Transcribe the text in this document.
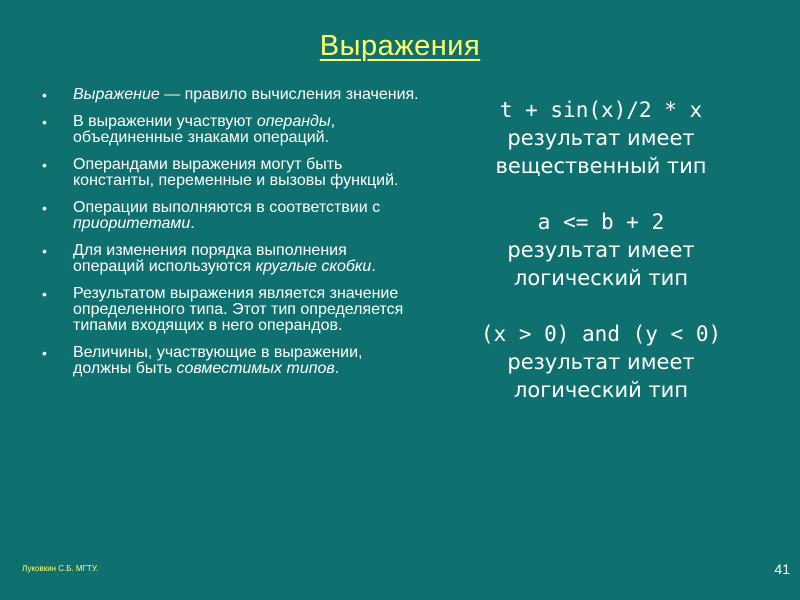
Выражения
• Выражение — правило вычисления значения.
• В выражении участвуют операнды, объединенные знаками операций.
• Операндами выражения могут быть константы, переменные и вызовы функций.
• Операции выполняются в соответствии с приоритетами.
• Для изменения порядка выполнения операций используются круглые скобки.
• Результатом выражения является значение определенного типа. Этот тип определяется типами входящих в него операндов.
• Величины, участвующие в выражении, должны быть совместимых типов.
t + sin(x)/2 * x
результат имеет
вещественный тип
a <= b + 2
результат имеет
логический тип
(x > 0) and (y < 0)
результат имеет
логический тип
Луковкин С.Б. МГТУ.	41
